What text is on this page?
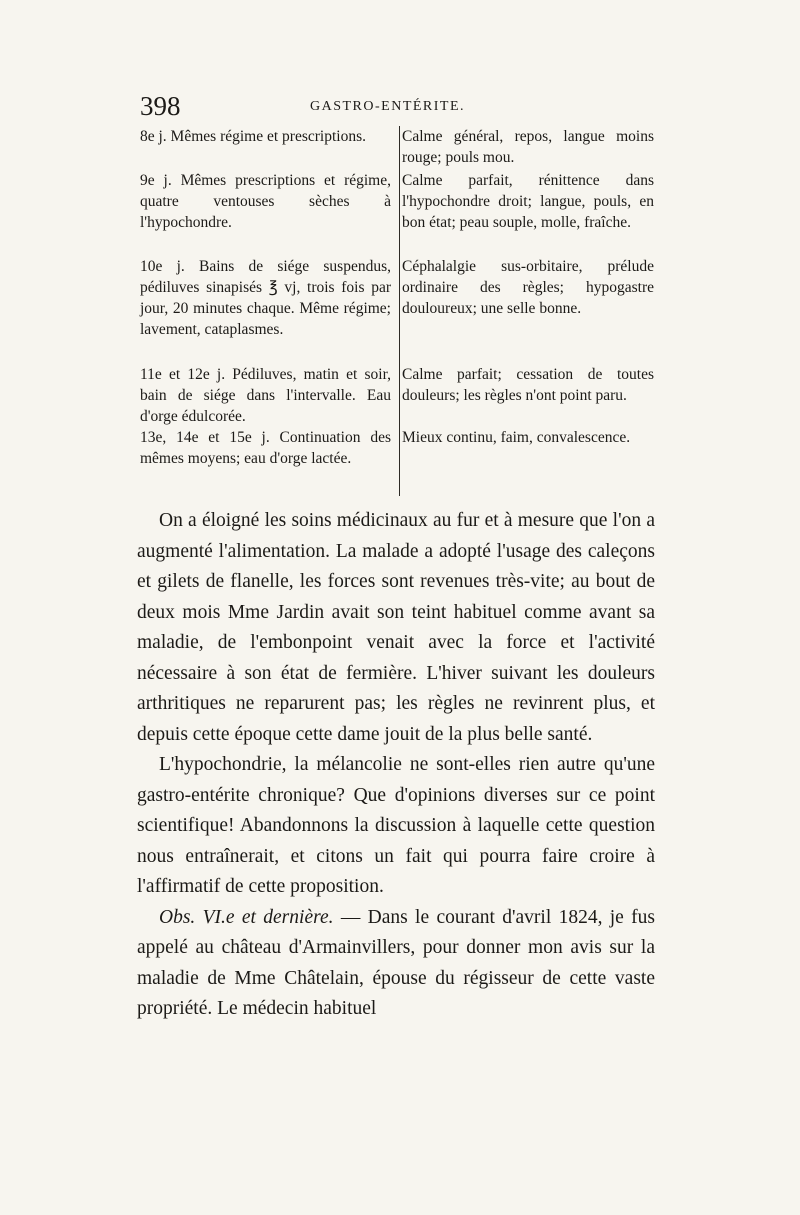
398	GASTRO-ENTÉRITE.

8e j. Mêmes régime et prescriptions.	Calme général, repos, langue moins rouge; pouls mou.

9e j. Mêmes prescriptions et régime, quatre ventouses sèches à l'hypochondre.

Calme parfait, rénittence dans l'hypochondre droit; langue, pouls, en bon état; peau souple, molle, fraîche.

10e j. Bains de siége suspendus, pédiluves sinapisés ℥ vj, trois fois par jour, 20 minutes chaque. Même régime; lavement, cataplasmes.

Céphalalgie sus-orbitaire, prélude ordinaire des règles; hypogastre douloureux; une selle bonne.

11e et 12e j. Pédiluves, matin et soir, bain de siége dans l'intervalle. Eau d'orge édulcorée.

Calme parfait; cessation de toutes douleurs; les règles n'ont point paru.

13e, 14e et 15e j. Continuation des mêmes moyens; eau d'orge lactée.

Mieux continu, faim, convalescence.

On a éloigné les soins médicinaux au fur et à mesure que l'on a augmenté l'alimentation. La malade a adopté l'usage des caleçons et gilets de flanelle, les forces sont revenues très-vite; au bout de deux mois Mme Jardin avait son teint habituel comme avant sa maladie, de l'embonpoint venait avec la force et l'activité nécessaire à son état de fermière. L'hiver suivant les douleurs arthritiques ne reparurent pas; les règles ne revinrent plus, et depuis cette époque cette dame jouit de la plus belle santé.

L'hypochondrie, la mélancolie ne sont-elles rien autre qu'une gastro-entérite chronique? Que d'opinions diverses sur ce point scientifique! Abandonnons la discussion à laquelle cette question nous entraînerait, et citons un fait qui pourra faire croire à l'affirmatif de cette proposition.

Obs. VI.e et dernière. — Dans le courant d'avril 1824, je fus appelé au château d'Armainvillers, pour donner mon avis sur la maladie de Mme Châtelain, épouse du régisseur de cette vaste propriété. Le médecin habituel
